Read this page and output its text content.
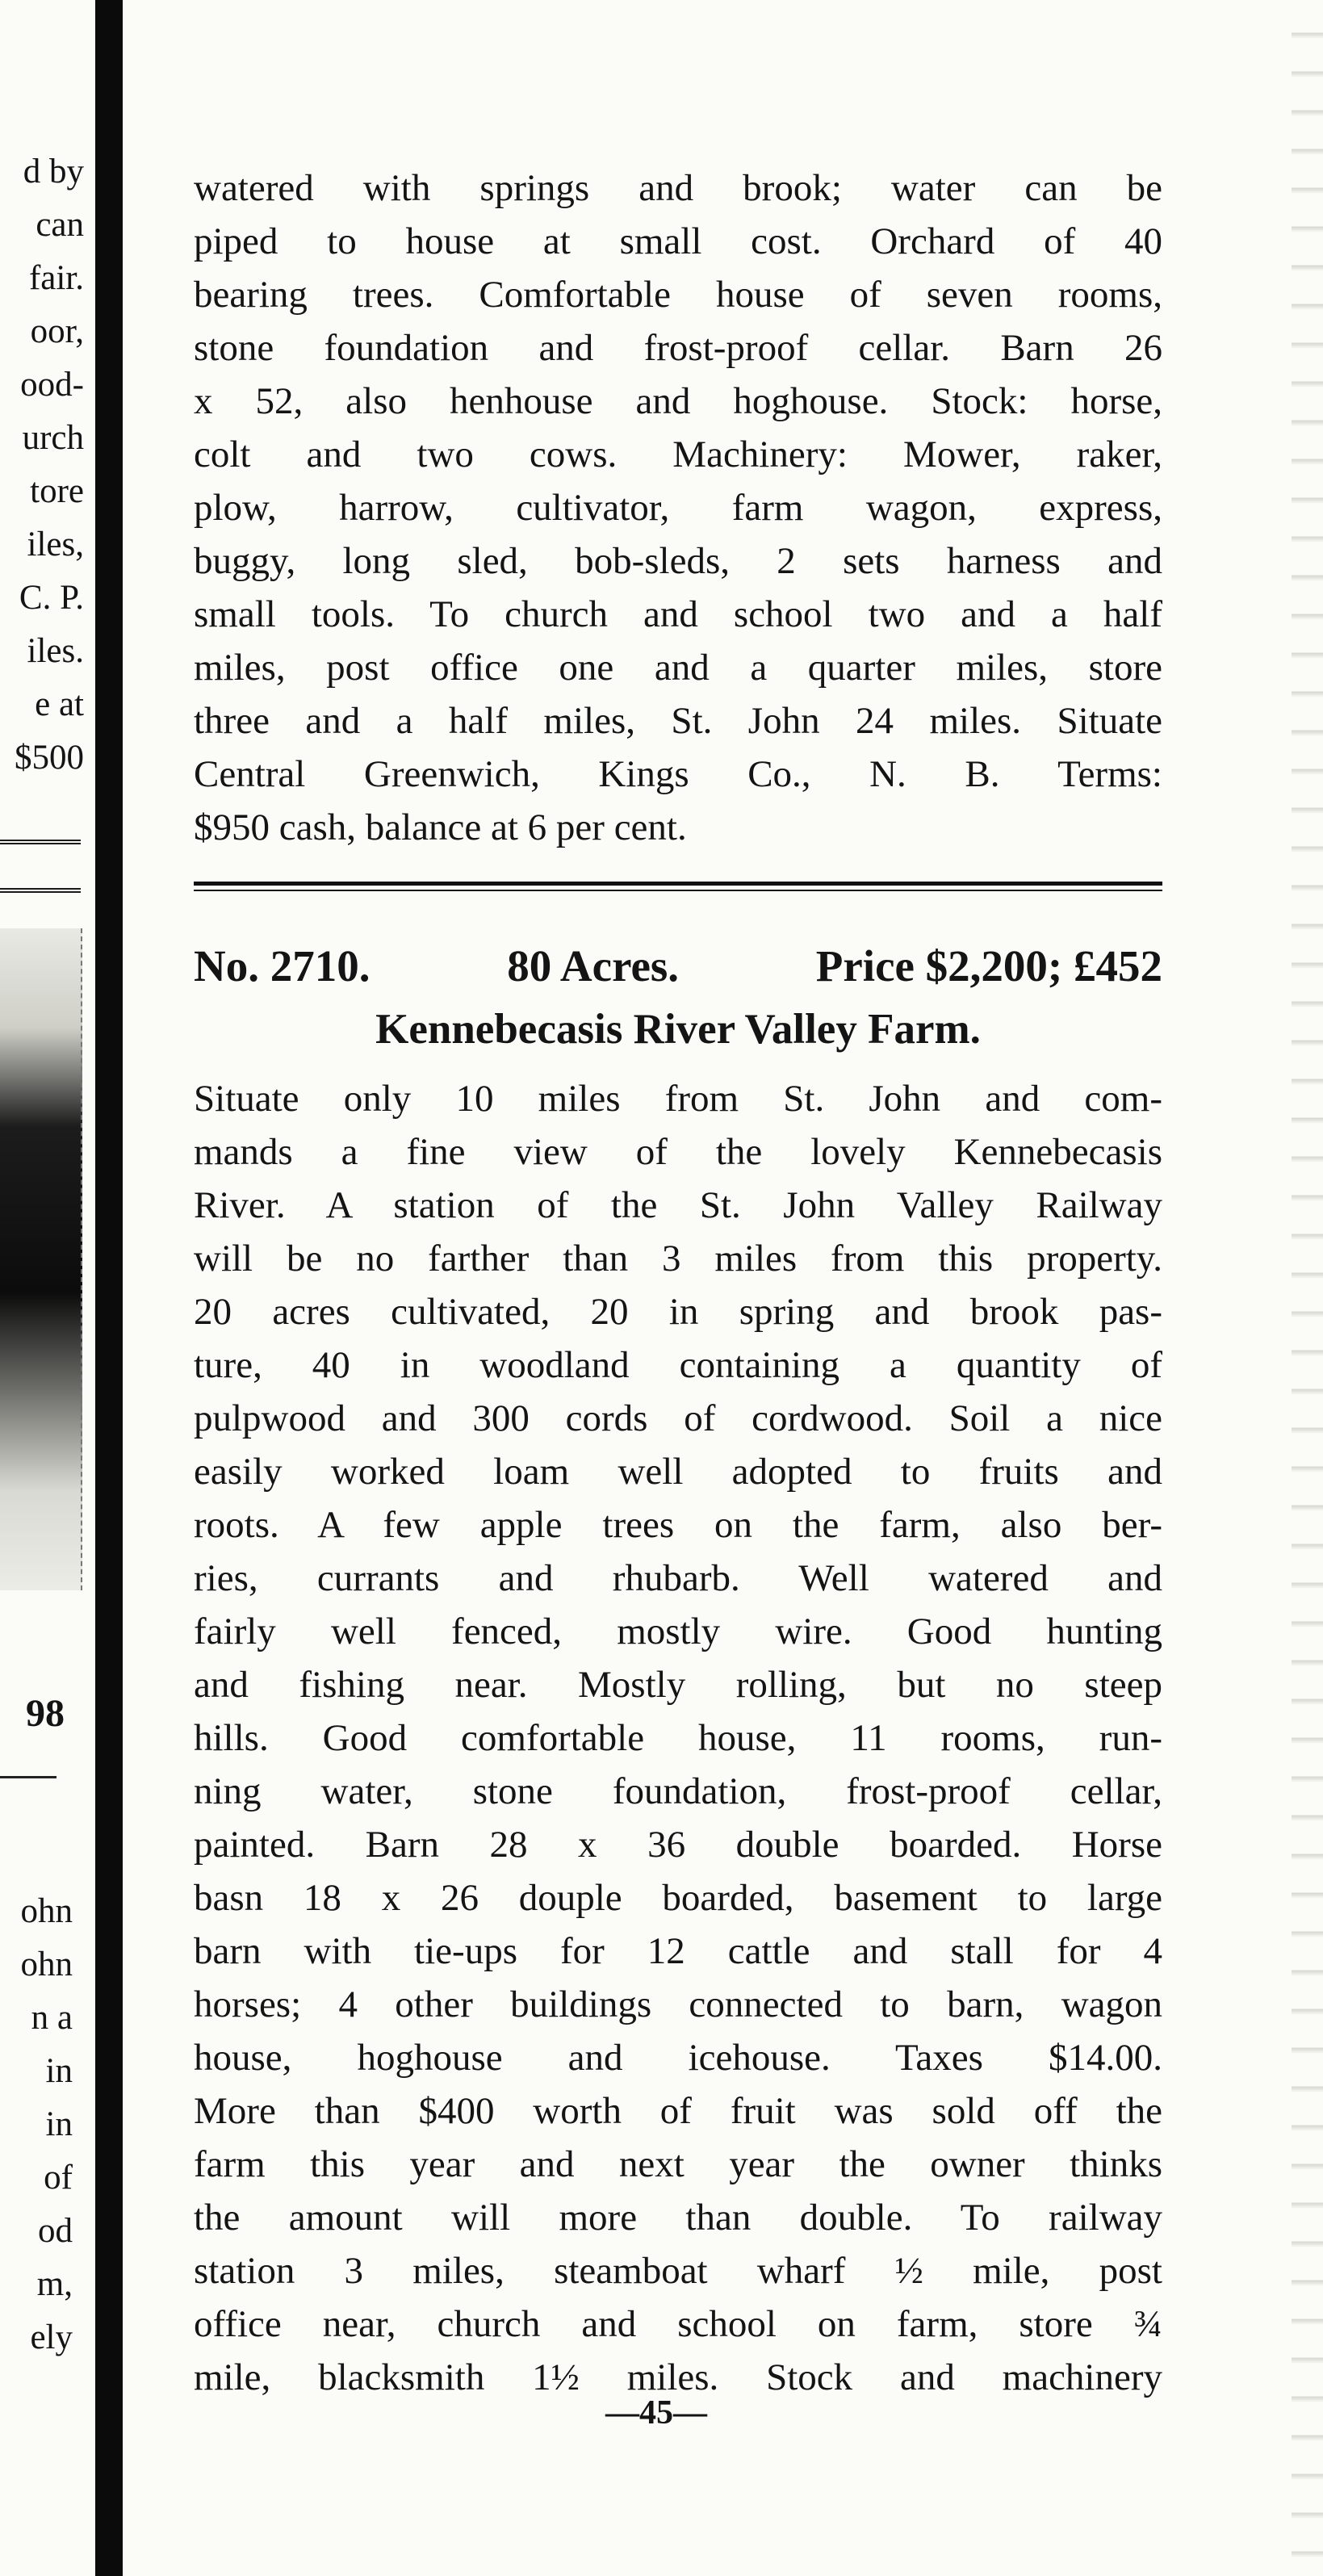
d by
can
fair.
oor,
ood-
urch
tore
iles,
C. P.
iles.
e at
$500
98
ohn
ohn
n a
in
in
of
od
m,
ely

watered with springs and brook; water can be

piped to house at small cost. Orchard of 40

bearing trees. Comfortable house of seven rooms,

stone foundation and frost-proof cellar. Barn 26

x 52, also henhouse and hoghouse. Stock: horse,

colt and two cows. Machinery: Mower, raker,

plow, harrow, cultivator, farm wagon, express,

buggy, long sled, bob-sleds, 2 sets harness and

small tools. To church and school two and a half

miles, post office one and a quarter miles, store

three and a half miles, St. John 24 miles. Situate

Central Greenwich, Kings Co., N. B. Terms:

$950 cash, balance at 6 per cent.

No. 2710.	80 Acres.	Price $2,200; £452
Kennebecasis River Valley Farm.

Situate only 10 miles from St. John and com-

mands a fine view of the lovely Kennebecasis

River. A station of the St. John Valley Railway

will be no farther than 3 miles from this property.

20 acres cultivated, 20 in spring and brook pas-

ture, 40 in woodland containing a quantity of

pulpwood and 300 cords of cordwood. Soil a nice

easily worked loam well adopted to fruits and

roots. A few apple trees on the farm, also ber-

ries, currants and rhubarb. Well watered and

fairly well fenced, mostly wire. Good hunting

and fishing near. Mostly rolling, but no steep

hills. Good comfortable house, 11 rooms, run-

ning water, stone foundation, frost-proof cellar,

painted. Barn 28 x 36 double boarded. Horse

basn 18 x 26 douple boarded, basement to large

barn with tie-ups for 12 cattle and stall for 4

horses; 4 other buildings connected to barn, wagon

house, hoghouse and icehouse. Taxes $14.00.

More than $400 worth of fruit was sold off the

farm this year and next year the owner thinks

the amount will more than double. To railway

station 3 miles, steamboat wharf ½ mile, post

office near, church and school on farm, store ¾

mile, blacksmith 1½ miles. Stock and machinery

—45—
